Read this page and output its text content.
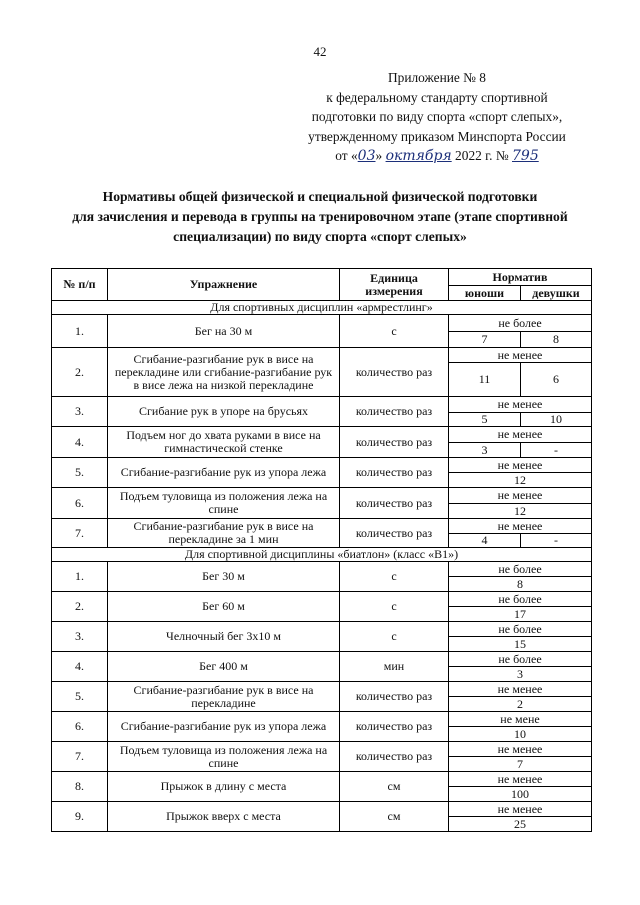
42
Приложение № 8
к федеральному стандарту спортивной
подготовки по виду спорта «спорт слепых»,
утвержденному приказом Минспорта России
от «03» октября 2022 г. № 795
Нормативы общей физической и специальной физической подготовки
для зачисления и перевода в группы на тренировочном этапе (этапе спортивной
специализации) по виду спорта «спорт слепых»
№ п/п	Упражнение	Единица измерения	Норматив	
			юноши	девушки
Для спортивных дисциплин «армрестлинг»				
1.	Бег на 30 м	с	не более	
			7	8
2.	Сгибание-разгибание рук в висе на перекладине или сгибание-разгибание рук в висе лежа на низкой перекладине	количество раз	не менее	
			11	6
3.	Сгибание рук в упоре на брусьях	количество раз	не менее	
			5	10
4.	Подъем ног до хвата руками в висе на гимнастической стенке	количество раз	не менее	
			3	-
5.	Сгибание-разгибание рук из упора лежа	количество раз	не менее	
			12	
6.	Подъем туловища из положения лежа на спине	количество раз	не менее	
			12	
7.	Сгибание-разгибание рук в висе на перекладине за 1 мин	количество раз	не менее	
			4	-
Для спортивной дисциплины «биатлон» (класс «В1»)				
1.	Бег 30 м	с	не более	
			8	
2.	Бег 60 м	с	не более	
			17	
3.	Челночный бег 3х10 м	с	не более	
			15	
4.	Бег 400 м	мин	не более	
			3	
5.	Сгибание-разгибание рук в висе на перекладине	количество раз	не менее	
			2	
6.	Сгибание-разгибание рук из упора лежа	количество раз	не мене	
			10	
7.	Подъем туловища из положения лежа на спине	количество раз	не менее	
			7	
8.	Прыжок в длину с места	см	не менее	
			100	
9.	Прыжок вверх с места	см	не менее	
			25	
